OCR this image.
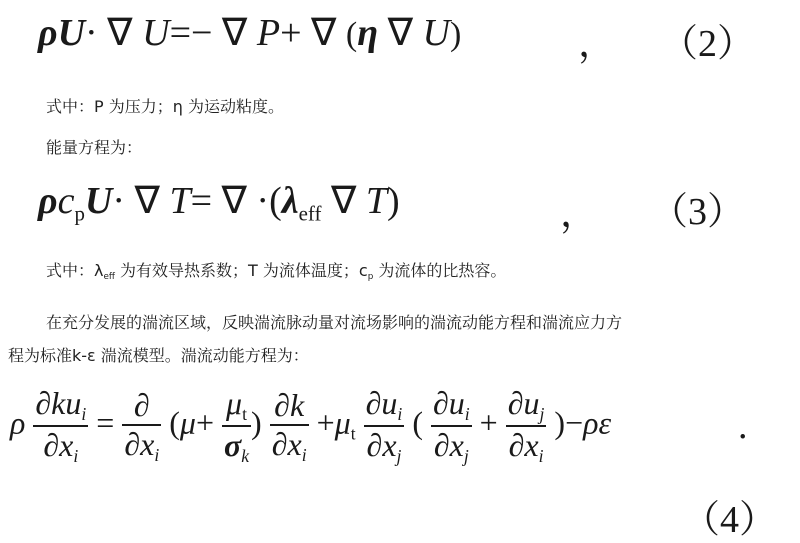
ρU· ∇ U=− ∇ P+ ∇ (η ∇ U)	， （2）
式中：P 为压力；η 为运动粘度。
能量方程为：
$\rho c_pU\cdot$ ∇ T= ∇ $\cdot(\lambda_{eff}$ ∇ T)	， （3）
式中：$\lambda_{eff}$ 为有效导热系数；T 为流体温度；$c_p$ 为流体的比热容。
在充分发展的湍流区域，反映湍流脉动量对流场影响的湍流动能方程和湍流应力方
程为标准k-ε 湍流模型。湍流动能方程为：
ρ $\frac{\partial ku_i}{\partial x_i} = \frac{\partial}{\partial x_i} (\mu+ \frac{\mu_t}{\sigma_k}$ ) $\frac{\partial k}{\partial x_i} +\mu_t \frac{\partial u_i}{\partial x_j}$ ( $\frac{\partial u_i}{\partial x_j} + \frac{\partial u_j}{\partial x_i} )-\rho\varepsilon$	.
（4）
